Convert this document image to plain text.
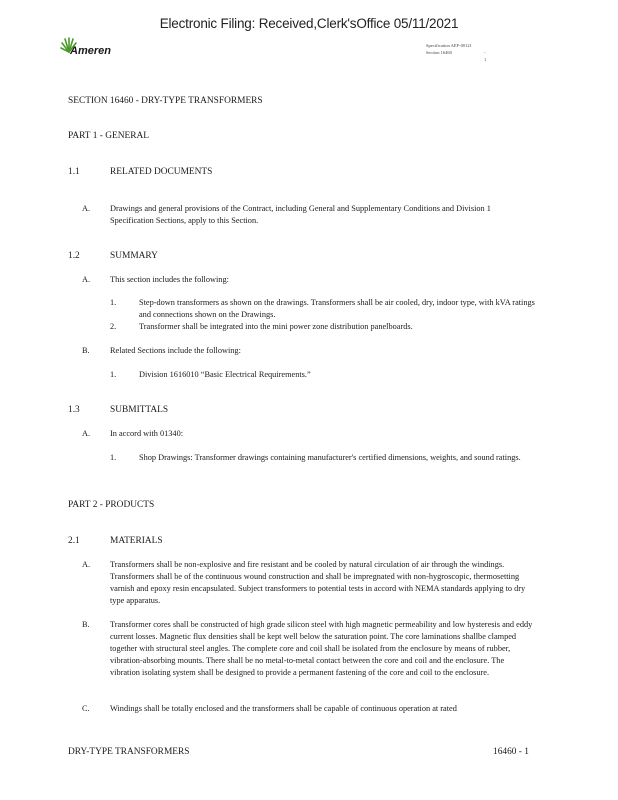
Electronic Filing: Received,Clerk'sOffice 05/11/2021
Ameren	Specification AEF-00121
Section 16460	- 1
SECTION 16460 - DRY-TYPE TRANSFORMERS
PART 1 - GENERAL
1.1	RELATED DOCUMENTS
A. Drawings and general provisions of the Contract, including General and Supplementary Conditions and Division 1 Specification Sections, apply to this Section.
1.2	SUMMARY
A. This section includes the following:
1.	Step-down transformers as shown on the drawings. Transformers shall be air cooled, dry, indoor type, with kVA ratings and connections shown on the Drawings.
2.	Transformer shall be integrated into the mini power zone distribution panelboards.
B. Related Sections include the following:
1.	Division 1616010 “Basic Electrical Requirements.”
1.3	SUBMITTALS
A. In accord with 01340:
1.	Shop Drawings: Transformer drawings containing manufacturer's certified dimensions, weights, and sound ratings.
PART 2 - PRODUCTS
2.1	MATERIALS
A. Transformers shall be non-explosive and fire resistant and be cooled by natural circulation of air through the windings. Transformers shall be of the continuous wound construction and shall be impregnated with non-hygroscopic, thermosetting varnish and epoxy resin encapsulated. Subject transformers to potential tests in accord with NEMA standards applying to dry type apparatus.
B. Transformer cores shall be constructed of high grade silicon steel with high magnetic permeability and low hysteresis and eddy current losses. Magnetic flux densities shall be kept well below the saturation point. The core laminations shallbe clamped together with structural steel angles. The complete core and coil shall be isolated from the enclosure by means of rubber, vibration-absorbing mounts. There shall be no metal-to-metal contact between the core and coil and the enclosure. The vibration isolating system shall be designed to provide a permanent fastening of the core and coil to the enclosure.
C. Windings shall be totally enclosed and the transformers shall be capable of continuous operation at rated
DRY-TYPE TRANSFORMERS	16460 - 1
